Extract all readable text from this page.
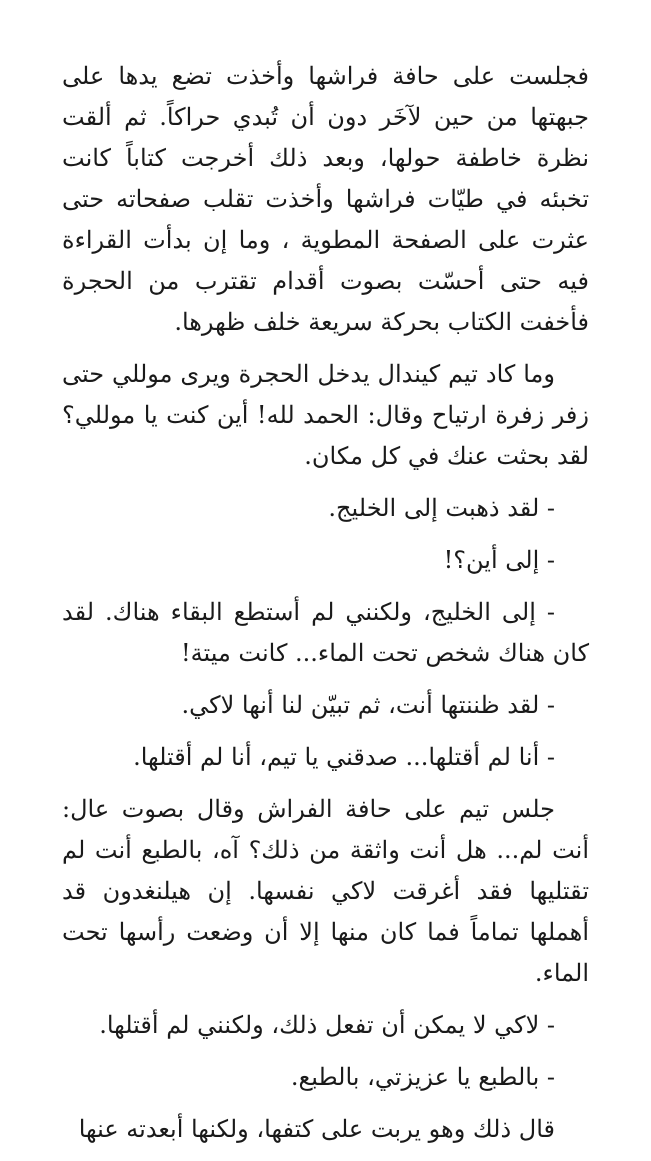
فجلست على حافة فراشها وأخذت تضع يدها على جبهتها من حين لآخَر دون أن تُبدي حراكاً. ثم ألقت نظرة خاطفة حولها، وبعد ذلك أخرجت كتاباً كانت تخبئه في طيّات فراشها وأخذت تقلب صفحاته حتى عثرت على الصفحة المطوية ، وما إن بدأت القراءة فيه حتى أحسّت بصوت أقدام تقترب من الحجرة فأخفت الكتاب بحركة سريعة خلف ظهرها.

وما كاد تيم كيندال يدخل الحجرة ويرى موللي حتى زفر زفرة ارتياح وقال: الحمد لله! أين كنت يا موللي؟ لقد بحثت عنك في كل مكان.

- لقد ذهبت إلى الخليج.

- إلى أين؟!

- إلى الخليج، ولكنني لم أستطع البقاء هناك. لقد كان هناك شخص تحت الماء... كانت ميتة!

- لقد ظننتها أنت، ثم تبيّن لنا أنها لاكي.

- أنا لم أقتلها... صدقني يا تيم، أنا لم أقتلها.

جلس تيم على حافة الفراش وقال بصوت عال: أنت لم... هل أنت واثقة من ذلك؟ آه، بالطبع أنت لم تقتليها فقد أغرقت لاكي نفسها. إن هيلنغدون قد أهملها تماماً فما كان منها إلا أن وضعت رأسها تحت الماء.

- لاكي لا يمكن أن تفعل ذلك، ولكنني لم أقتلها.

- بالطبع يا عزيزتي، بالطبع.

قال ذلك وهو يربت على كتفها، ولكنها أبعدته عنها
